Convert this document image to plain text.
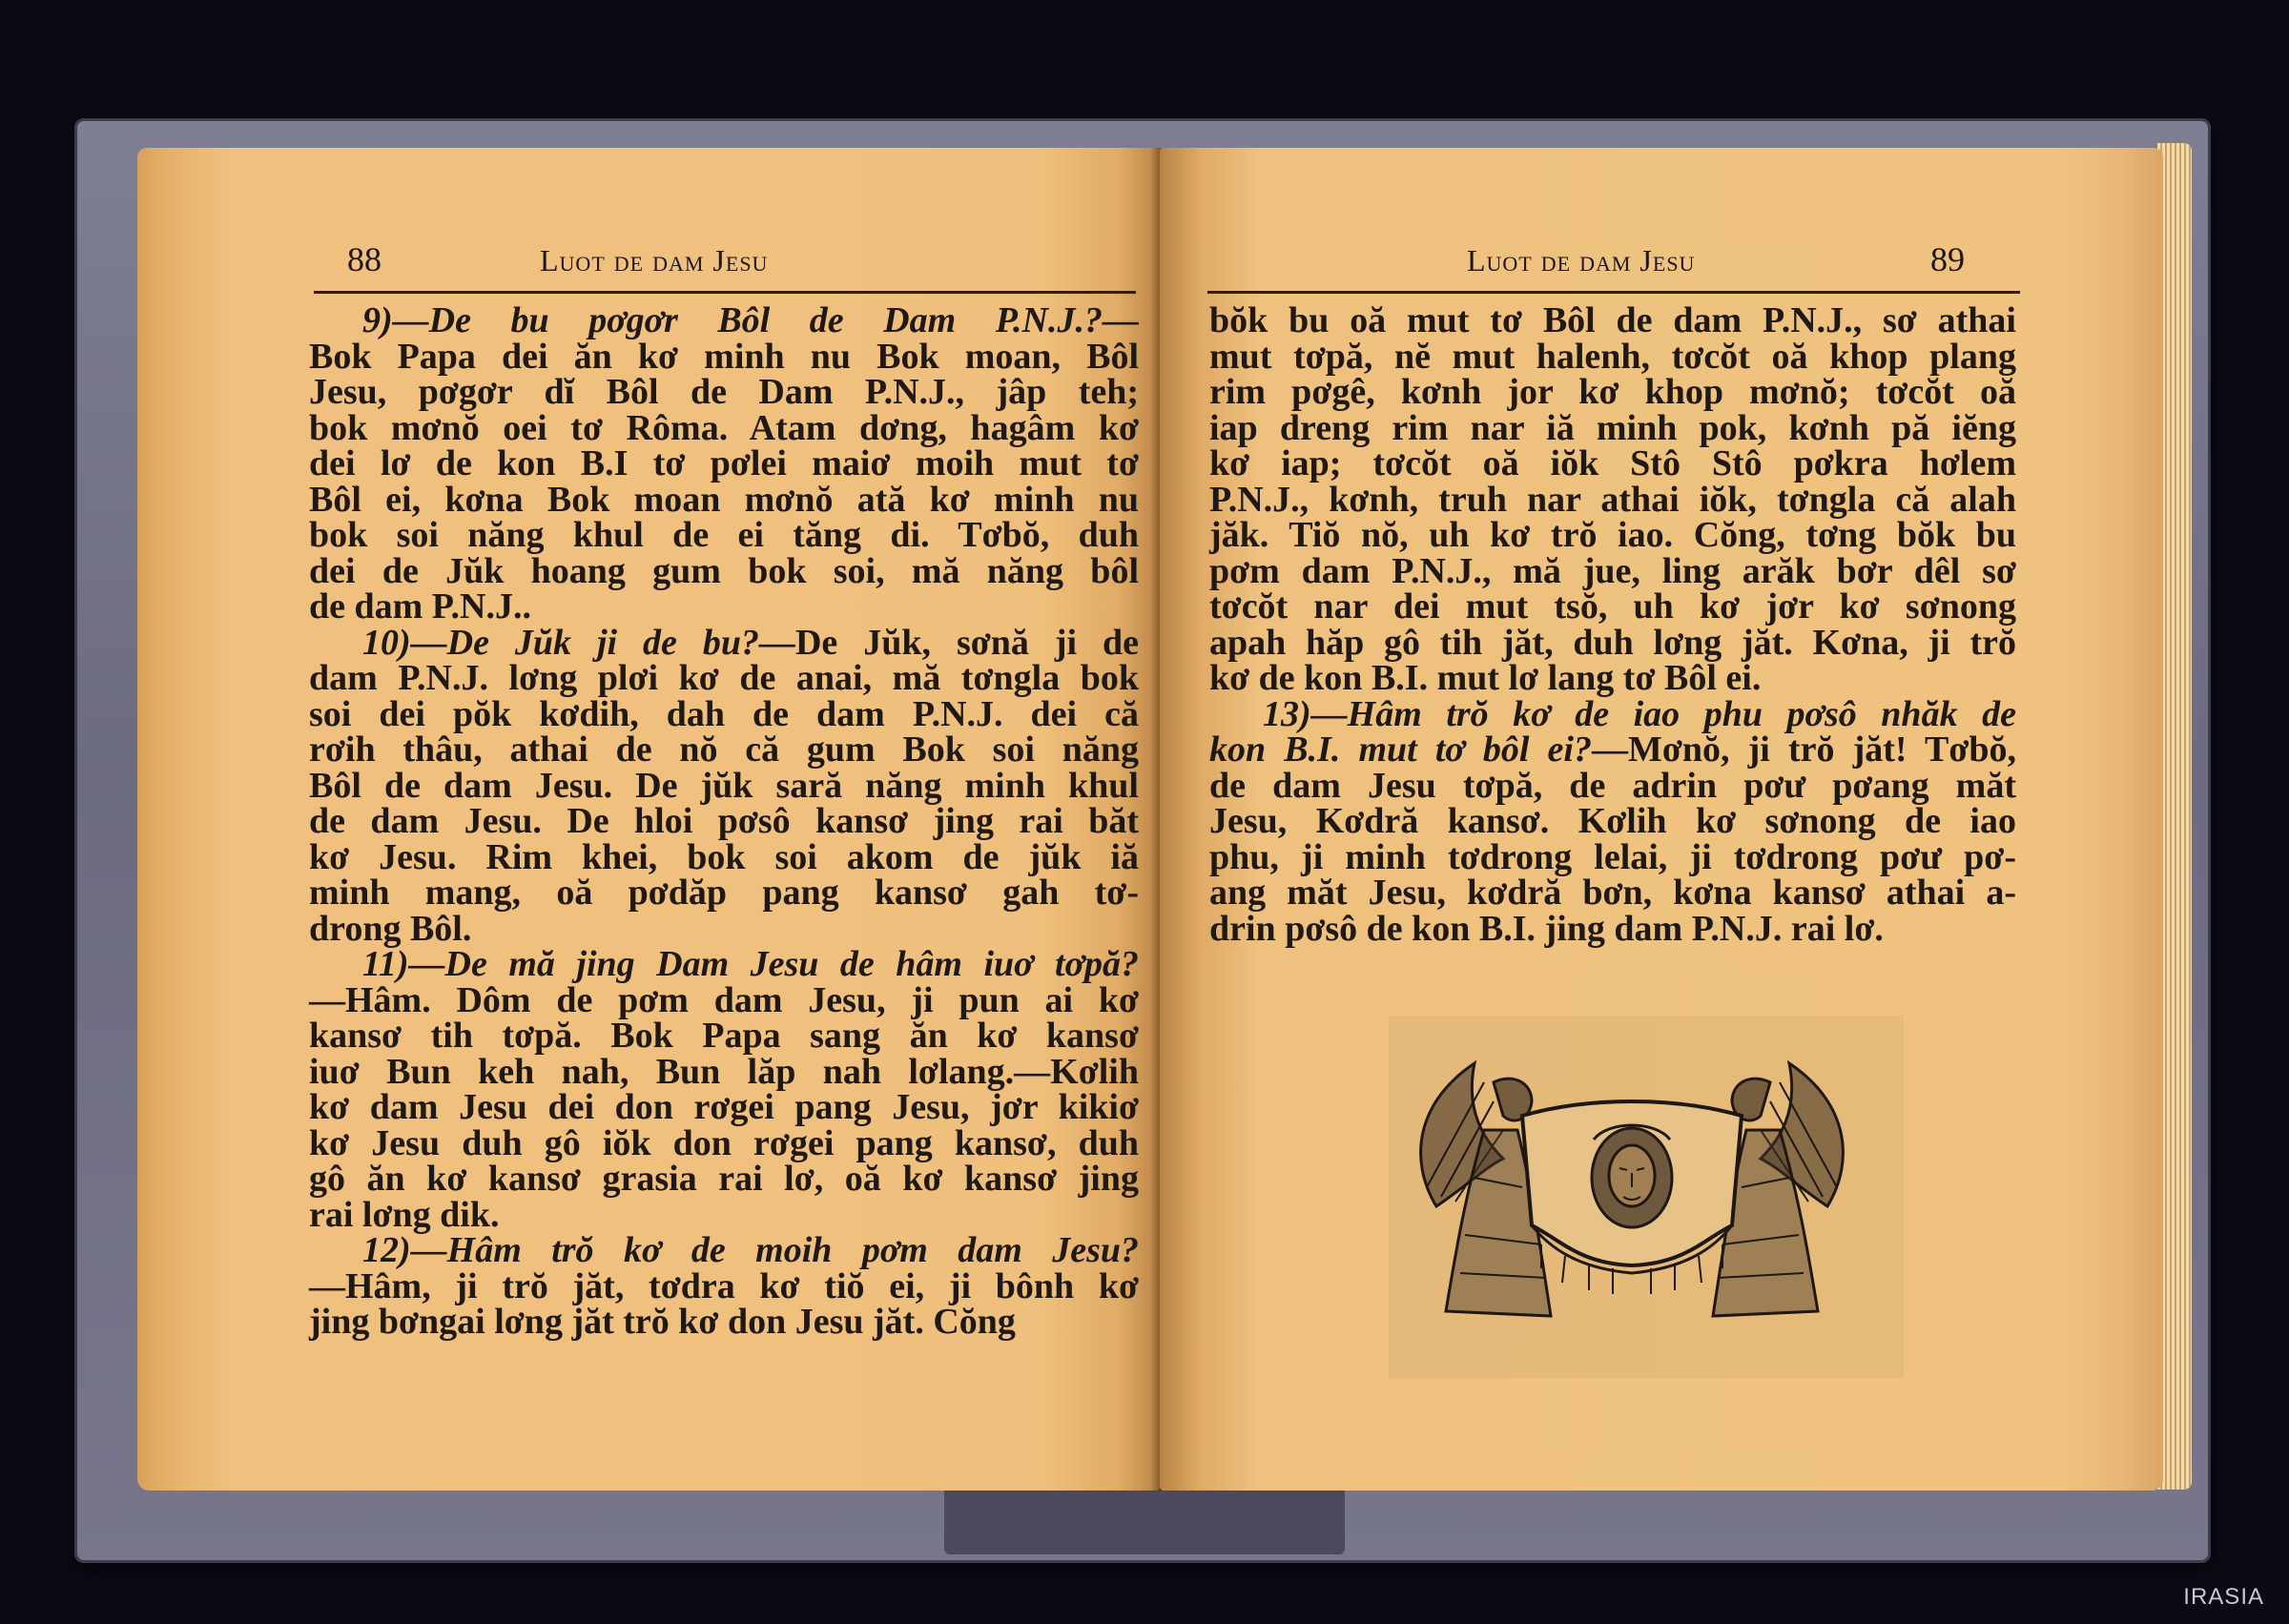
88	Luot de dam Jesu
9)—De bu pơgơr Bôl de Dam P.N.J.?—
Bok Papa dei ăn kơ minh nu Bok moan, Bôl
Jesu, pơgơr dĭ Bôl de Dam P.N.J., jâp teh;
bok mơnŏ oei tơ Rôma. Atam dơng, hagâm kơ
dei lơ de kon B.I tơ pơlei maiơ moih mut tơ
Bôl ei, kơna Bok moan mơnŏ ată kơ minh nu
bok soi năng khul de ei tăng di. Tơbŏ, duh
dei de Jŭk hoang gum bok soi, mă năng bôl
de dam P.N.J..
10)—De Jŭk ji de bu?—De Jŭk, sơnă ji de
dam P.N.J. lơng plơi kơ de anai, mă tơngla bok
soi dei pŏk kơdih, dah de dam P.N.J. dei că
rơih thâu, athai de nŏ că gum Bok soi năng
Bôl de dam Jesu. De jŭk sară năng minh khul
de dam Jesu. De hloi pơsô kansơ jing rai băt
kơ Jesu. Rim khei, bok soi akom de jŭk iă
minh mang, oă pơdăp pang kansơ gah tơ-
drong Bôl.
11)—De mă jing Dam Jesu de hâm iuơ tơpă?
—Hâm. Dôm de pơm dam Jesu, ji pun ai kơ
kansơ tih tơpă. Bok Papa sang ăn kơ kansơ
iuơ Bun keh nah, Bun lăp nah lơlang.—Kơlih
kơ dam Jesu dei don rơgei pang Jesu, jơr kikiơ
kơ Jesu duh gô iŏk don rơgei pang kansơ, duh
gô ăn kơ kansơ grasia rai lơ, oă kơ kansơ jing
rai lơng dik.
12)—Hâm trŏ kơ de moih pơm dam Jesu?
—Hâm, ji trŏ jăt, tơdra kơ tiŏ ei, ji bônh kơ
jing bơngai lơng jăt trŏ kơ don Jesu jăt. Cŏng
Luot de dam Jesu	89
bŏk bu oă mut tơ Bôl de dam P.N.J., sơ athai
mut tơpă, nĕ mut halenh, tơcŏt oă khop plang
rim pơgê, kơnh jor kơ khop mơnŏ; tơcŏt oă
iap dreng rim nar iă minh pok, kơnh pă iĕng
kơ iap; tơcŏt oă iŏk Stô Stô pơkra hơlem
P.N.J., kơnh, truh nar athai iŏk, tơngla că alah
jăk. Tiŏ nŏ, uh kơ trŏ iao. Cŏng, tơng bŏk bu
pơm dam P.N.J., mă jue, ling arăk bơr dêl sơ
tơcŏt nar dei mut tsŏ, uh kơ jơr kơ sơnong
apah hăp gô tih jăt, duh lơng jăt. Kơna, ji trŏ
kơ de kon B.I. mut lơ lang tơ Bôl ei.
13)—Hâm trŏ kơ de iao phu pơsô nhăk de
kon B.I. mut tơ bôl ei?—Mơnŏ, ji trŏ jăt! Tơbŏ,
de dam Jesu tơpă, de adrin pơư pơang măt
Jesu, Kơdră kansơ. Kơlih kơ sơnong de iao
phu, ji minh tơdrong lelai, ji tơdrong pơư pơ-
ang măt Jesu, kơdră bơn, kơna kansơ athai a-
drin pơsô de kon B.I. jing dam P.N.J. rai lơ.
IRASIA
